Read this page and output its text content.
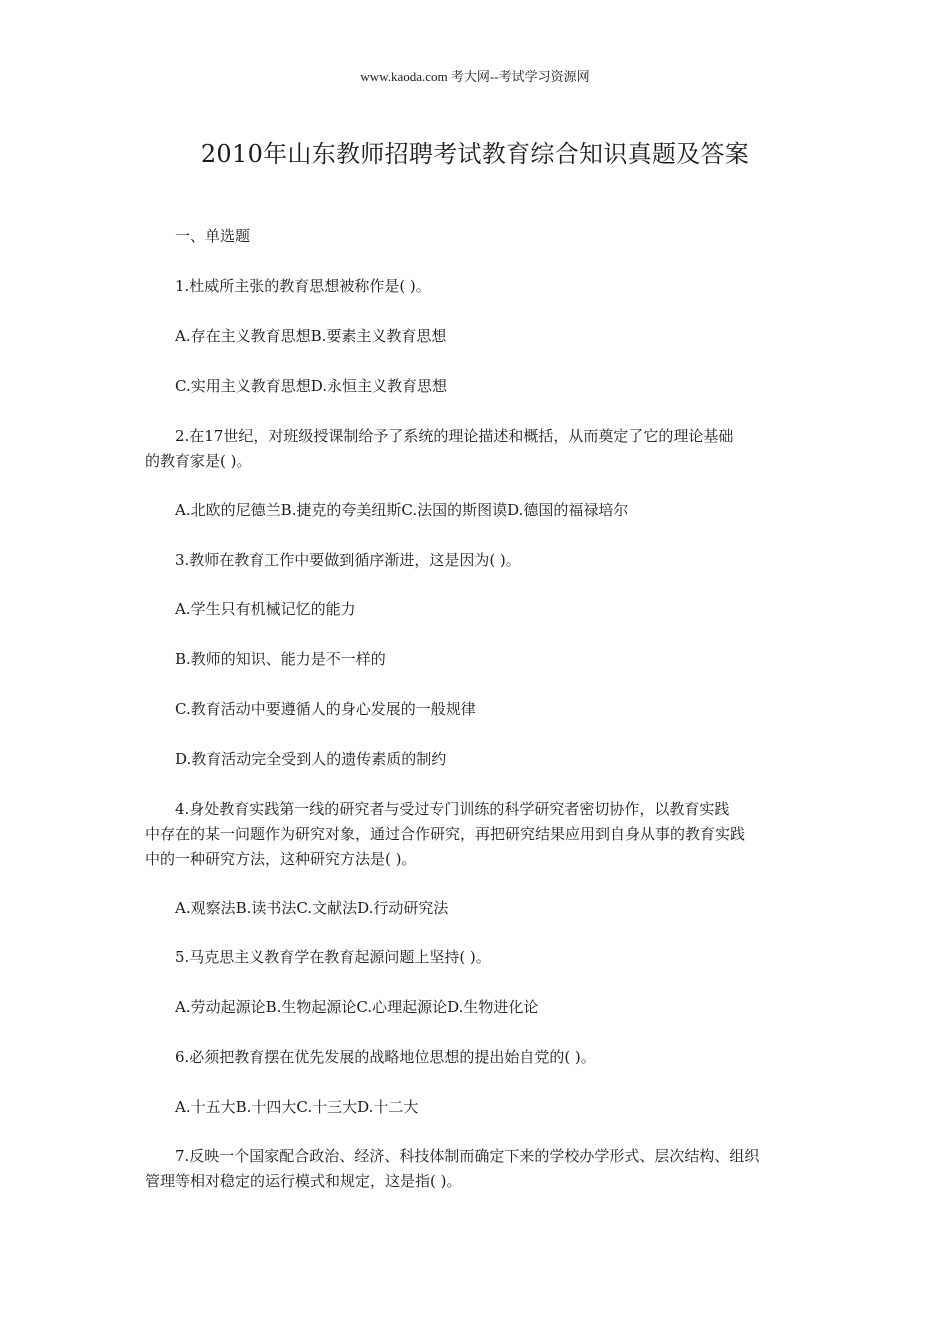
www.kaoda.com 考大网--考试学习资源网
2010年山东教师招聘考试教育综合知识真题及答案
一、单选题
1.杜威所主张的教育思想被称作是( )。
A.存在主义教育思想B.要素主义教育思想
C.实用主义教育思想D.永恒主义教育思想
2.在17世纪，对班级授课制给予了系统的理论描述和概括，从而奠定了它的理论基础
的教育家是( )。
A.北欧的尼德兰B.捷克的夸美纽斯C.法国的斯图谟D.德国的福禄培尔
3.教师在教育工作中要做到循序渐进，这是因为( )。
A.学生只有机械记忆的能力
B.教师的知识、能力是不一样的
C.教育活动中要遵循人的身心发展的一般规律
D.教育活动完全受到人的遗传素质的制约
4.身处教育实践第一线的研究者与受过专门训练的科学研究者密切协作，以教育实践
中存在的某一问题作为研究对象，通过合作研究，再把研究结果应用到自身从事的教育实践
中的一种研究方法，这种研究方法是( )。
A.观察法B.读书法C.文献法D.行动研究法
5.马克思主义教育学在教育起源问题上坚持( )。
A.劳动起源论B.生物起源论C.心理起源论D.生物进化论
6.必须把教育摆在优先发展的战略地位思想的提出始自党的( )。
A.十五大B.十四大C.十三大D.十二大
7.反映一个国家配合政治、经济、科技体制而确定下来的学校办学形式、层次结构、组织
管理等相对稳定的运行模式和规定，这是指( )。
